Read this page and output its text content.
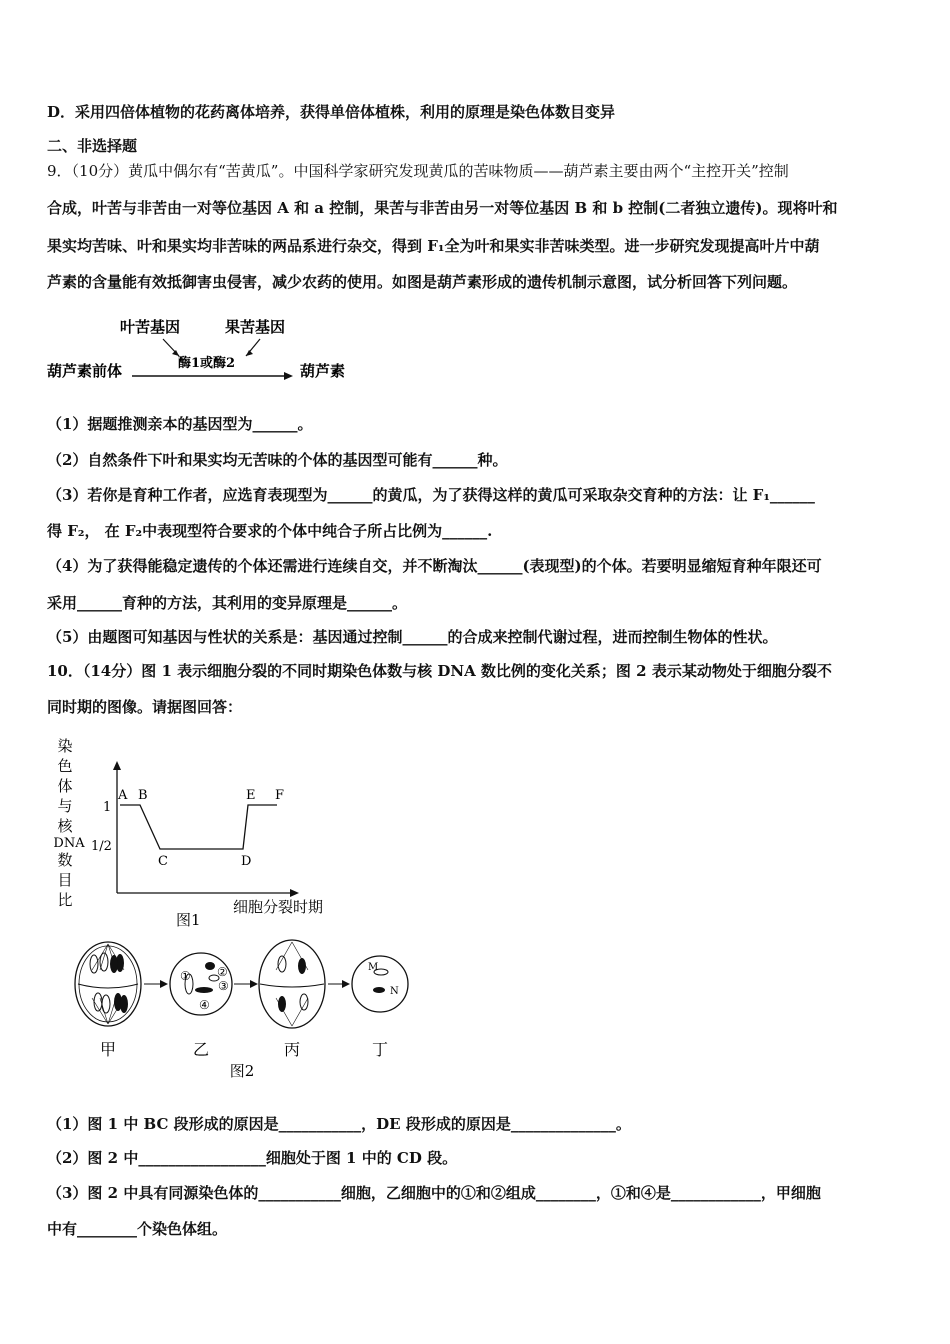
D．采用四倍体植物的花药离体培养，获得单倍体植株，利用的原理是染色体数目变异
二、非选择题
9．（10分）黄瓜中偶尔有“苦黄瓜”。中国科学家研究发现黄瓜的苦味物质——葫芦素主要由两个“主控开关”控制
合成，叶苦与非苦由一对等位基因 A 和 a 控制，果苦与非苦由另一对等位基因 B 和 b 控制(二者独立遗传)。现将叶和
果实均苦味、叶和果实均非苦味的两品系进行杂交，得到 F₁全为叶和果实非苦味类型。进一步研究发现提高叶片中葫
芦素的含量能有效抵御害虫侵害，减少农药的使用。如图是葫芦素形成的遗传机制示意图，试分析回答下列问题。
叶苦基因	果苦基因
酶1或酶2
葫芦素前体	葫芦素
（1）据题推测亲本的基因型为______。
（2）自然条件下叶和果实均无苦味的个体的基因型可能有______种。
（3）若你是育种工作者，应选育表现型为______的黄瓜，为了获得这样的黄瓜可采取杂交育种的方法：让 F₁______
得 F₂， 在 F₂中表现型符合要求的个体中纯合子所占比例为______.
（4）为了获得能稳定遗传的个体还需进行连续自交，并不断淘汰______(表现型)的个体。若要明显缩短育种年限还可
采用______育种的方法，其利用的变异原理是______。
（5）由题图可知基因与性状的关系是：基因通过控制______的合成来控制代谢过程，进而控制生物体的性状。
10．（14分）图 1 表示细胞分裂的不同时期染色体数与核 DNA 数比例的变化关系；图 2 表示某动物处于细胞分裂不
同时期的图像。请据图回答：
染
色
体
与
核
DNA
数
目
比
1
1/2
A B
C	D
E F
细胞分裂时期
图1
甲
① ②
③
④
乙	丙
M
N
丁
图2
（1）图 1 中 BC 段形成的原因是___________，DE 段形成的原因是______________。
（2）图 2 中_________________细胞处于图 1 中的 CD 段。
（3）图 2 中具有同源染色体的___________细胞，乙细胞中的①和②组成________，①和④是____________，甲细胞
中有________个染色体组。
